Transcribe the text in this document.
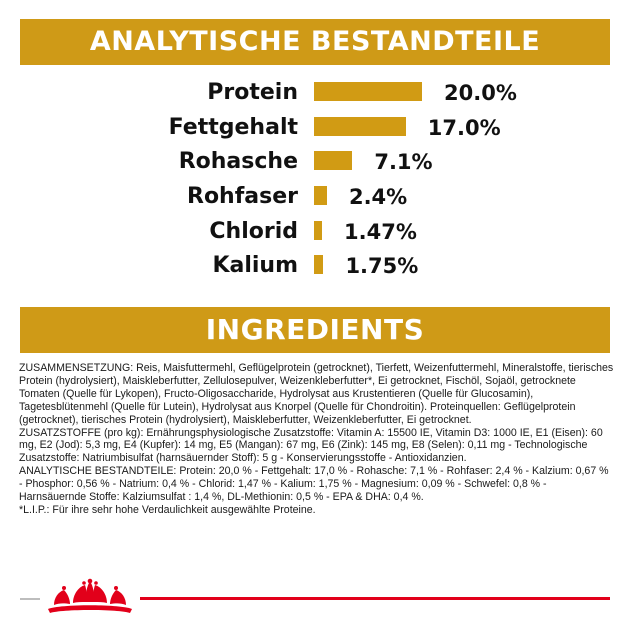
ANALYTISCHE BESTANDTEILE
Protein	20.0%
Fettgehalt	17.0%
Rohasche	7.1%
Rohfaser 2.4%
Chlorid 1.47%
Kalium 1.75%
INGREDIENTS

ZUSAMMENSETZUNG: Reis, Maisfuttermehl, Geflügelprotein (getrocknet), Tierfett, Weizenfuttermehl, Mineralstoffe, tierisches Protein (hydrolysiert), Maiskleberfutter, Zellulosepulver, Weizenkleberfutter*, Ei getrocknet, Fischöl, Sojaöl, getrocknete Tomaten (Quelle für Lykopen), Fructo-Oligosaccharide, Hydrolysat aus Krustentieren (Quelle für Glucosamin), Tagetesblütenmehl (Quelle für Lutein), Hydrolysat aus Knorpel (Quelle für Chondroitin). Proteinquellen: Geflügelprotein (getrocknet), tierisches Protein (hydrolysiert), Maiskleberfutter, Weizenkleberfutter, Ei getrocknet.

ZUSATZSTOFFE (pro kg): Ernährungsphysiologische Zusatzstoffe: Vitamin A: 15500 IE, Vitamin D3: 1000 IE, E1 (Eisen): 60 mg, E2 (Jod): 5,3 mg, E4 (Kupfer): 14 mg, E5 (Mangan): 67 mg, E6 (Zink): 145 mg, E8 (Selen): 0,11 mg - Technologische Zusatzstoffe: Natriumbisulfat (harnsäuernder Stoff): 5 g - Konservierungsstoffe - Antioxidanzien.

ANALYTISCHE BESTANDTEILE: Protein: 20,0 % - Fettgehalt: 17,0 % - Rohasche: 7,1 % - Rohfaser: 2,4 % - Kalzium: 0,67 % - Phosphor: 0,56 % - Natrium: 0,4 % - Chlorid: 1,47 % - Kalium: 1,75 % - Magnesium: 0,09 % - Schwefel: 0,8 % - Harnsäuernde Stoffe: Kalziumsulfat : 1,4 %, DL-Methionin: 0,5 % - EPA & DHA: 0,4 %.

*L.I.P.: Für ihre sehr hohe Verdaulichkeit ausgewählte Proteine.
